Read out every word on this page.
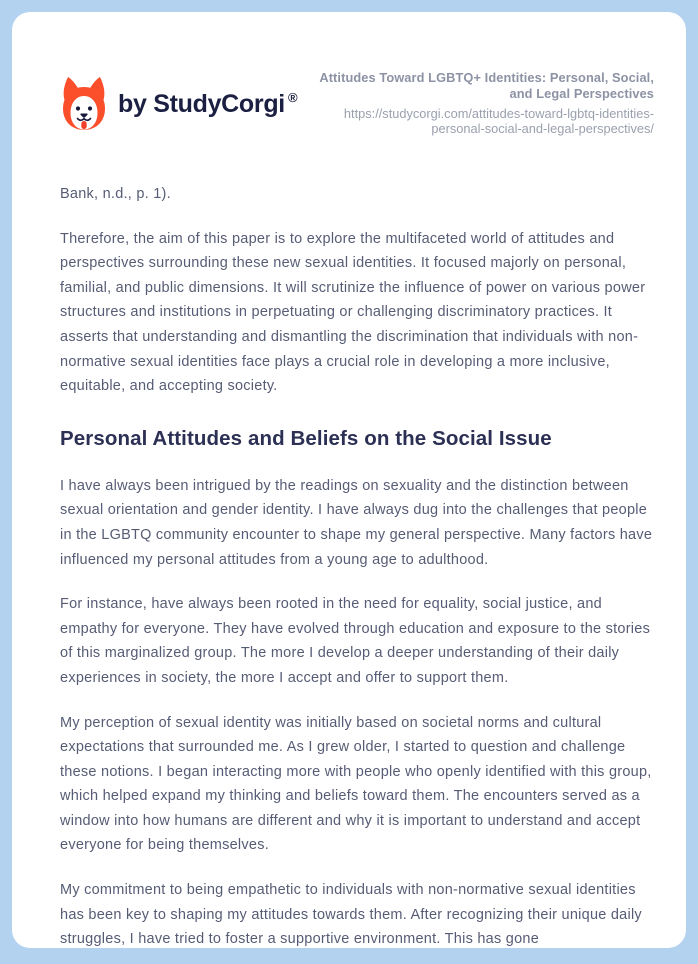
by StudyCorgi ®
Attitudes Toward LGBTQ+ Identities: Personal, Social, and Legal Perspectives
https://studycorgi.com/attitudes-toward-lgbtq-identities-personal-social-and-legal-perspectives/

Bank, n.d., p. 1).

Therefore, the aim of this paper is to explore the multifaceted world of attitudes and perspectives surrounding these new sexual identities. It focused majorly on personal, familial, and public dimensions. It will scrutinize the influence of power on various power structures and institutions in perpetuating or challenging discriminatory practices. It asserts that understanding and dismantling the discrimination that individuals with non-normative sexual identities face plays a crucial role in developing a more inclusive, equitable, and accepting society.

Personal Attitudes and Beliefs on the Social Issue

I have always been intrigued by the readings on sexuality and the distinction between sexual orientation and gender identity. I have always dug into the challenges that people in the LGBTQ community encounter to shape my general perspective. Many factors have influenced my personal attitudes from a young age to adulthood.

For instance, have always been rooted in the need for equality, social justice, and empathy for everyone. They have evolved through education and exposure to the stories of this marginalized group. The more I develop a deeper understanding of their daily experiences in society, the more I accept and offer to support them.

My perception of sexual identity was initially based on societal norms and cultural expectations that surrounded me. As I grew older, I started to question and challenge these notions. I began interacting more with people who openly identified with this group, which helped expand my thinking and beliefs toward them. The encounters served as a window into how humans are different and why it is important to understand and accept everyone for being themselves.

My commitment to being empathetic to individuals with non-normative sexual identities has been key to shaping my attitudes towards them. After recognizing their unique daily struggles, I have tried to foster a supportive environment. This has gone
